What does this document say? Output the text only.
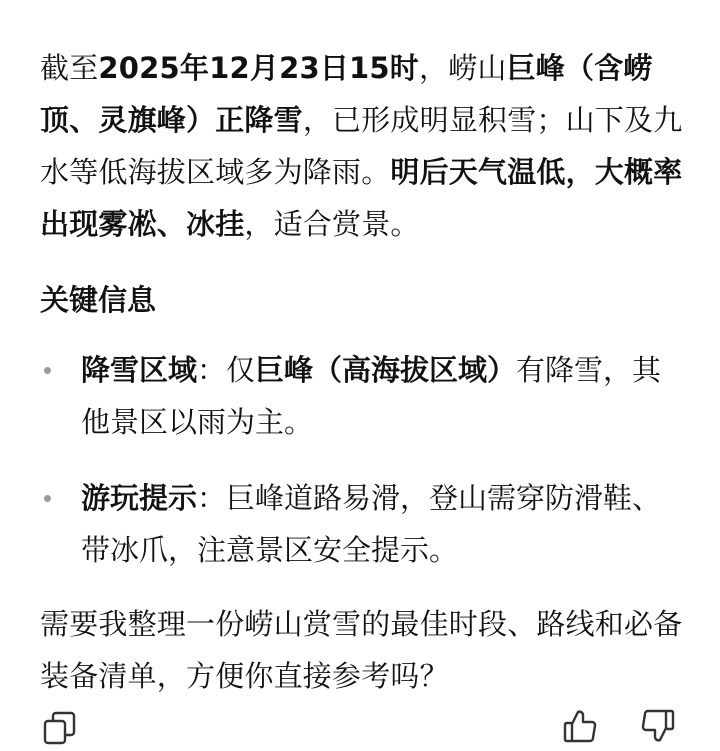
截至2025年12月23日15时，崂山巨峰（含崂顶、灵旗峰）正降雪，已形成明显积雪；山下及九水等低海拔区域多为降雨。明后天气温低，大概率出现雾凇、冰挂，适合赏景。

关键信息
降雪区域：仅巨峰（高海拔区域）有降雪，其他景区以雨为主。
游玩提示：巨峰道路易滑，登山需穿防滑鞋、带冰爪，注意景区安全提示。

需要我整理一份崂山赏雪的最佳时段、路线和必备装备清单，方便你直接参考吗？
